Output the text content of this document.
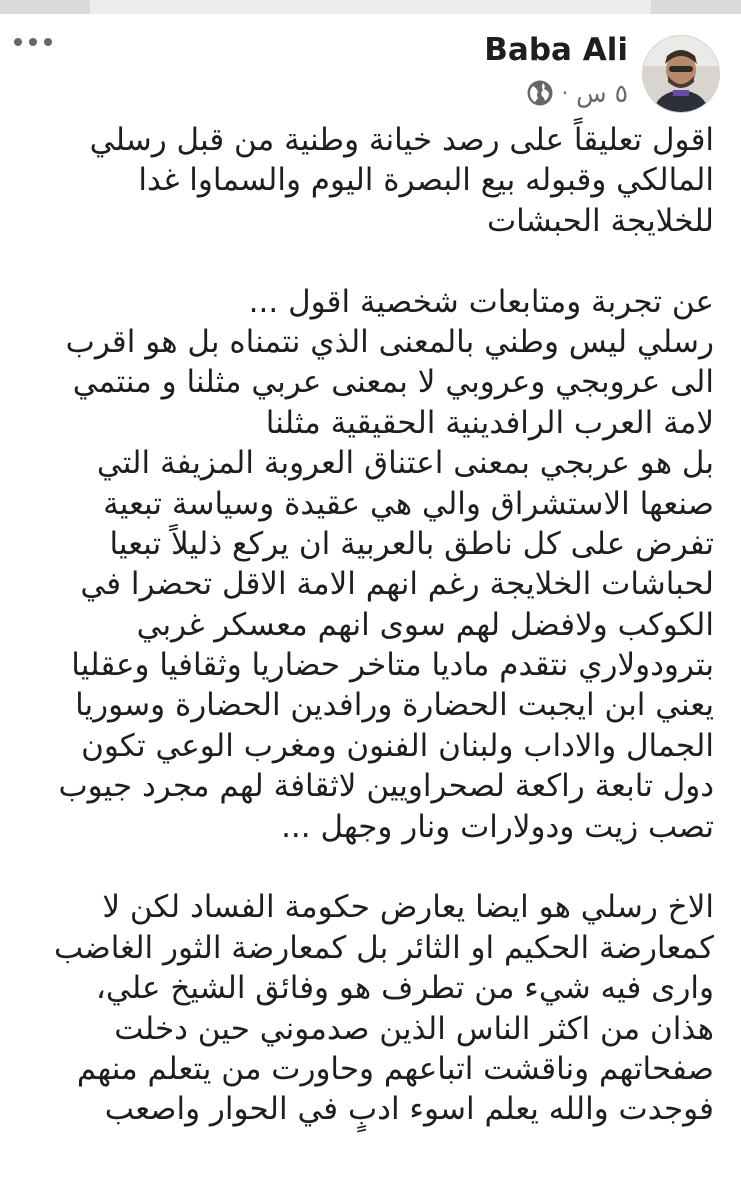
Baba Ali
٥ س
·
اقول تعليقاً على رصد خيانة وطنية من قبل رسلي
المالكي وقبوله بيع البصرة اليوم والسماوا غدا
للخلايجة الحبشات
عن تجربة ومتابعات شخصية اقول ...
رسلي ليس وطني بالمعنى الذي نتمناه بل هو اقرب
الى عروبجي وعروبي لا بمعنى عربي مثلنا و منتمي
لامة العرب الرافدينية الحقيقية مثلنا
بل هو عربجي بمعنى اعتناق العروبة المزيفة التي
صنعها الاستشراق والي هي عقيدة وسياسة تبعية
تفرض على كل ناطق بالعربية ان يركع ذليلاً تبعيا
لحباشات الخلايجة رغم انهم الامة الاقل تحضرا في
الكوكب ولافضل لهم سوى انهم معسكر غربي
بترودولاري نتقدم ماديا متاخر حضاريا وثقافيا وعقليا
يعني ابن ايجبت الحضارة ورافدين الحضارة وسوريا
الجمال والاداب ولبنان الفنون ومغرب الوعي تكون
دول تابعة راكعة لصحراويين لاثقافة لهم مجرد جيوب
تصب زيت ودولارات ونار وجهل ...
الاخ رسلي هو ايضا يعارض حكومة الفساد لكن لا
كمعارضة الحكيم او الثائر بل كمعارضة الثور الغاضب
وارى فيه شيء من تطرف هو وفائق الشيخ علي،
هذان من اكثر الناس الذين صدموني حين دخلت
صفحاتهم وناقشت اتباعهم وحاورت من يتعلم منهم
فوجدت والله يعلم اسوء ادبٍ في الحوار واصعب
